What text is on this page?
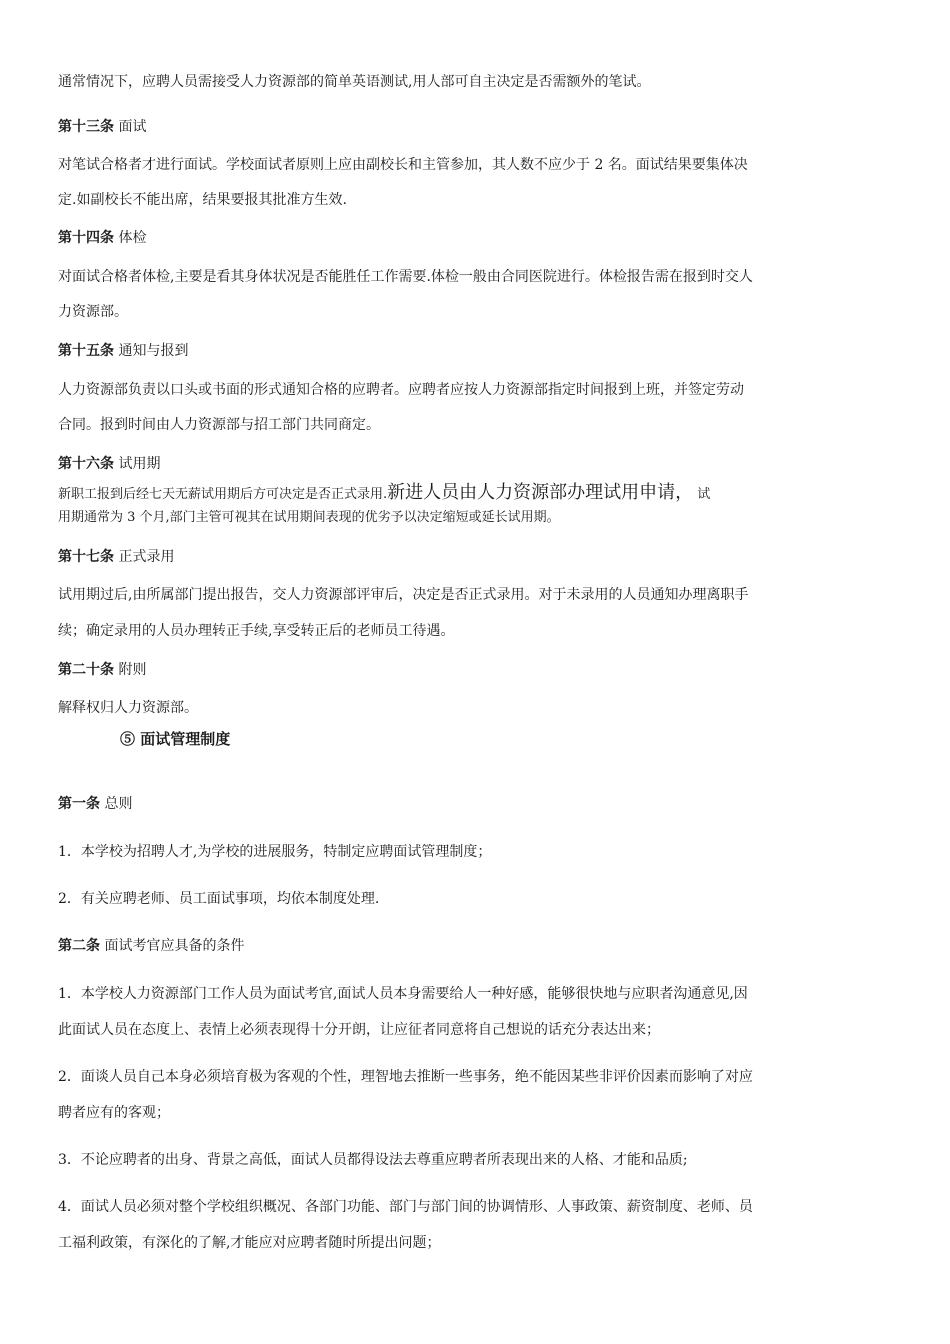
通常情况下，应聘人员需接受人力资源部的简单英语测试,用人部可自主决定是否需额外的笔试。
第十三条 面试
对笔试合格者才进行面试。学校面试者原则上应由副校长和主管参加，其人数不应少于 2 名。面试结果要集体决
定.如副校长不能出席，结果要报其批准方生效.
第十四条 体检
对面试合格者体检,主要是看其身体状况是否能胜任工作需要.体检一般由合同医院进行。体检报告需在报到时交人
力资源部。
第十五条 通知与报到
人力资源部负责以口头或书面的形式通知合格的应聘者。应聘者应按人力资源部指定时间报到上班，并签定劳动
合同。报到时间由人力资源部与招工部门共同商定。
第十六条 试用期
新职工报到后经七天无薪试用期后方可决定是否正式录用.新进人员由人力资源部办理试用申请， 试
用期通常为 3 个月,部门主管可视其在试用期间表现的优劣予以决定缩短或延长试用期。
第十七条 正式录用
试用期过后,由所属部门提出报告，交人力资源部评审后，决定是否正式录用。对于未录用的人员通知办理离职手
续；确定录用的人员办理转正手续,享受转正后的老师员工待遇。
第二十条 附则
解释权归人力资源部。
⑤ 面试管理制度
第一条 总则
1．本学校为招聘人才,为学校的进展服务，特制定应聘面试管理制度；
2．有关应聘老师、员工面试事项，均依本制度处理.
第二条 面试考官应具备的条件
1．本学校人力资源部门工作人员为面试考官,面试人员本身需要给人一种好感，能够很快地与应职者沟通意见,因
此面试人员在态度上、表情上必须表现得十分开朗，让应征者同意将自己想说的话充分表达出来；
2．面谈人员自己本身必须培育极为客观的个性，理智地去推断一些事务，绝不能因某些非评价因素而影响了对应
聘者应有的客观；
3．不论应聘者的出身、背景之高低，面试人员都得设法去尊重应聘者所表现出来的人格、才能和品质;
4．面试人员必须对整个学校组织概况、各部门功能、部门与部门间的协调情形、人事政策、薪资制度、老师、员
工福利政策，有深化的了解,才能应对应聘者随时所提出问题；
